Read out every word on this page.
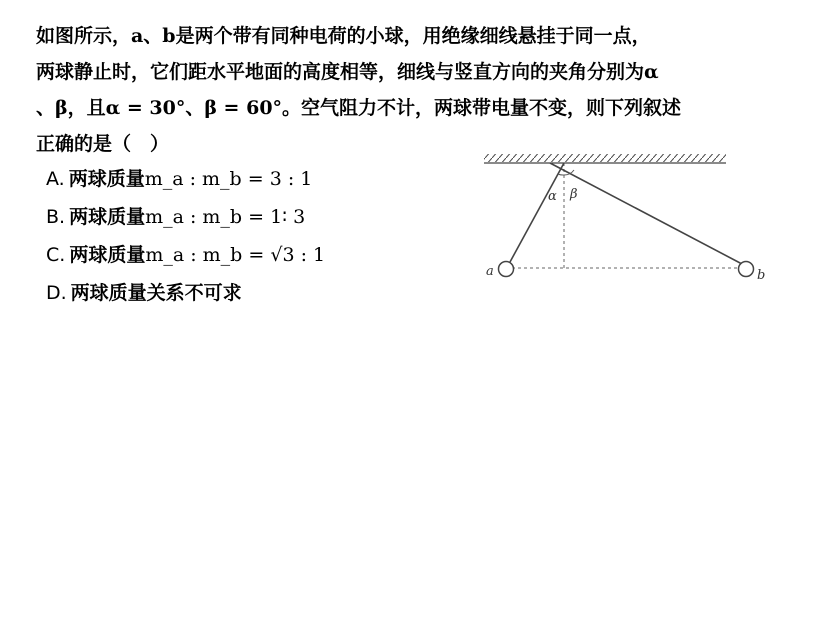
如图所示，a、b是两个带有同种电荷的小球，用绝缘细线悬挂于同一点，
两球静止时，它们距水平地面的高度相等，细线与竖直方向的夹角分别为α
、β，且α = 30°、β = 60°。空气阻力不计，两球带电量不变，则下列叙述
正确的是（　）
A. 两球质量m_a : m_b = 3 : 1
B. 两球质量m_a : m_b = 1∶ 3
C. 两球质量m_a : m_b = √3 : 1
D. 两球质量关系不可求
α β
a	b
